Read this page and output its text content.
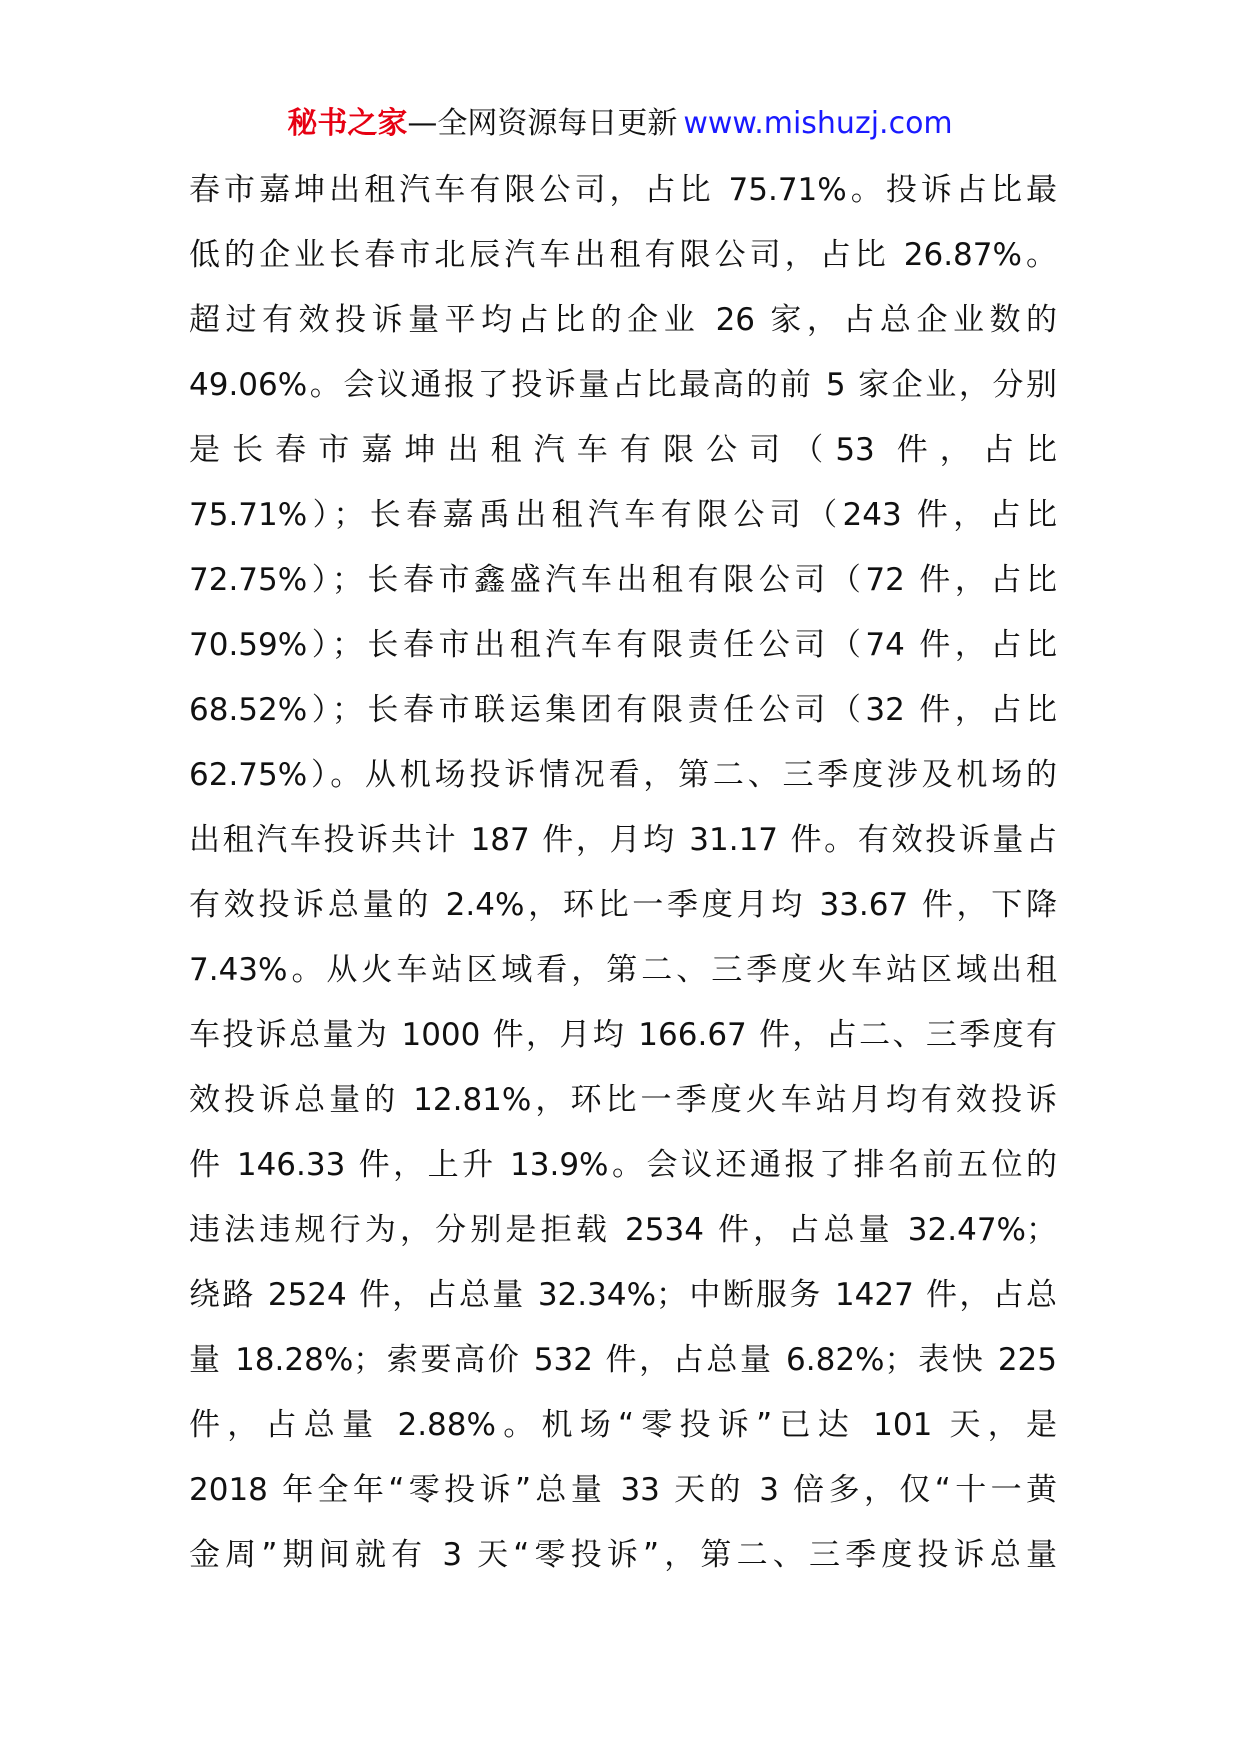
秘书之家—全网资源每日更新 www.mishuzj.com
春市嘉坤出租汽车有限公司，占比 75.71%。投诉占比最
低的企业长春市北辰汽车出租有限公司，占比 26.87%。
超过有效投诉量平均占比的企业 26 家，占总企业数的
49.06%。会议通报了投诉量占比最高的前 5 家企业，分别
是长春市嘉坤出租汽车有限公司（53 件，占比
75.71%）；长春嘉禹出租汽车有限公司（243 件，占比
72.75%）；长春市鑫盛汽车出租有限公司（72 件，占比
70.59%）；长春市出租汽车有限责任公司（74 件，占比
68.52%）；长春市联运集团有限责任公司（32 件，占比
62.75%）。从机场投诉情况看，第二、三季度涉及机场的
出租汽车投诉共计 187 件，月均 31.17 件。有效投诉量占
有效投诉总量的 2.4%，环比一季度月均 33.67 件，下降
7.43%。从火车站区域看，第二、三季度火车站区域出租
车投诉总量为 1000 件，月均 166.67 件，占二、三季度有
效投诉总量的 12.81%，环比一季度火车站月均有效投诉
件 146.33 件，上升 13.9%。会议还通报了排名前五位的
违法违规行为，分别是拒载 2534 件，占总量 32.47%；
绕路 2524 件，占总量 32.34%；中断服务 1427 件，占总
量 18.28%；索要高价 532 件，占总量 6.82%；表快 225
件，占总量 2.88%。机场“零投诉”已达 101 天，是
2018 年全年“零投诉”总量 33 天的 3 倍多，仅“十一黄
金周”期间就有 3 天“零投诉”，第二、三季度投诉总量
